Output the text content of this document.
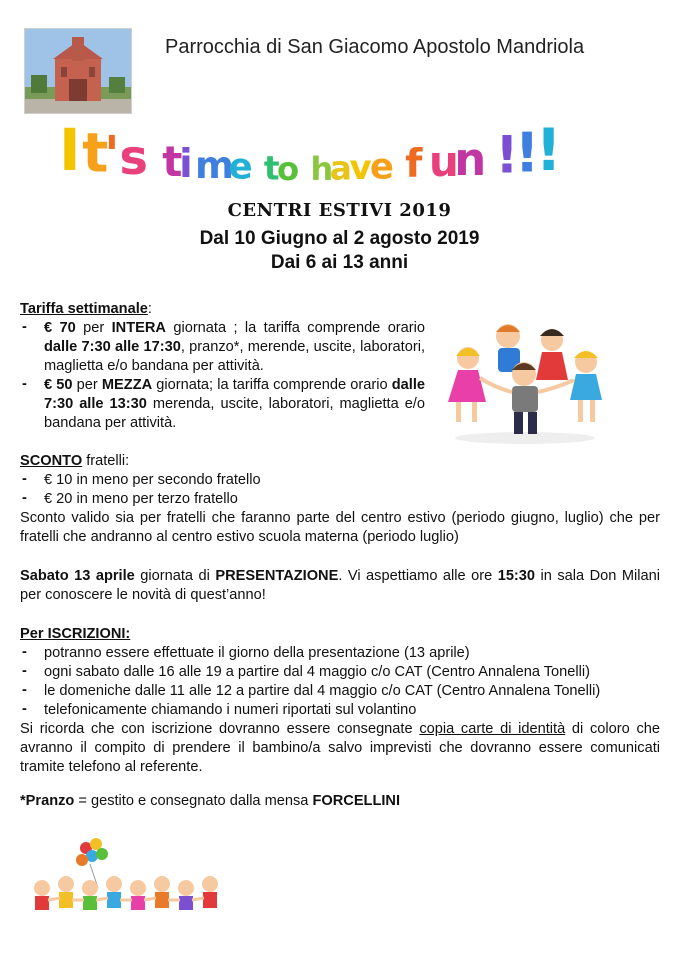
Parrocchia di San Giacomo Apostolo Mandriola
I t
' s t
i m
e t
o h
a
v
e f u
n !
!
!
CENTRI ESTIVI 2019
Dal 10 Giugno al 2 agosto 2019
Dai 6 ai 13 anni
Tariffa settimanale:
- € 70 per INTERA giornata ; la tariffa comprende orario dalle 7:30 alle 17:30, pranzo*, merende, uscite, laboratori, maglietta e/o bandana per attività.
- € 50 per MEZZA giornata; la tariffa comprende orario dalle 7:30 alle 13:30 merenda, uscite, laboratori, maglietta e/o bandana per attività.
SCONTO fratelli:
- € 10 in meno per secondo fratello
- € 20 in meno per terzo fratello
Sconto valido sia per fratelli che faranno parte del centro estivo (periodo giugno, luglio) che per fratelli che andranno al centro estivo scuola materna (periodo luglio)
Sabato 13 aprile giornata di PRESENTAZIONE. Vi aspettiamo alle ore 15:30 in sala Don Milani per conoscere le novità di quest’anno!
Per ISCRIZIONI:
- potranno essere effettuate il giorno della presentazione (13 aprile)
- ogni sabato dalle 16 alle 19 a partire dal 4 maggio c/o CAT (Centro Annalena Tonelli)
- le domeniche dalle 11 alle 12 a partire dal 4 maggio c/o CAT (Centro Annalena Tonelli)
- telefonicamente chiamando i numeri riportati sul volantino
Si ricorda che con iscrizione dovranno essere consegnate copia carte di identità di coloro che avranno il compito di prendere il bambino/a salvo imprevisti che dovranno essere comunicati tramite telefono al referente.
*Pranzo = gestito e consegnato dalla mensa FORCELLINI
